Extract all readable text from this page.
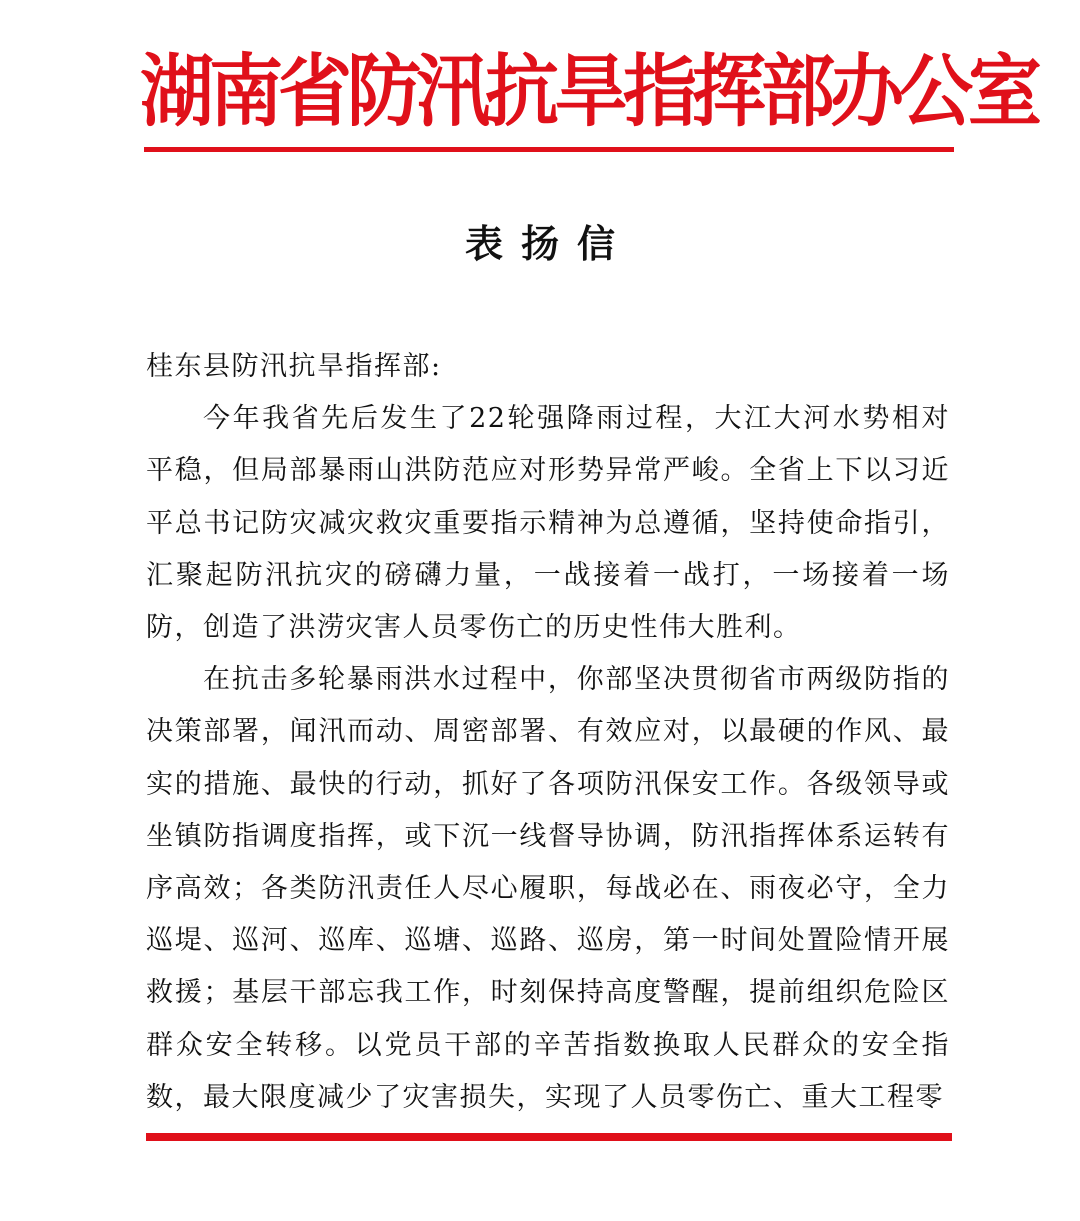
湖南省防汛抗旱指挥部办公室
表扬信

桂东县防汛抗旱指挥部:

今年我省先后发生了22轮强降雨过程，大江大河水势相对平稳，但局部暴雨山洪防范应对形势异常严峻。全省上下以习近平总书记防灾减灾救灾重要指示精神为总遵循，坚持使命指引，汇聚起防汛抗灾的磅礴力量，一战接着一战打，一场接着一场防，创造了洪涝灾害人员零伤亡的历史性伟大胜利。

在抗击多轮暴雨洪水过程中，你部坚决贯彻省市两级防指的决策部署，闻汛而动、周密部署、有效应对，以最硬的作风、最实的措施、最快的行动，抓好了各项防汛保安工作。各级领导或坐镇防指调度指挥，或下沉一线督导协调，防汛指挥体系运转有序高效；各类防汛责任人尽心履职，每战必在、雨夜必守，全力巡堤、巡河、巡库、巡塘、巡路、巡房，第一时间处置险情开展救援；基层干部忘我工作，时刻保持高度警醒，提前组织危险区群众安全转移。以党员干部的辛苦指数换取人民群众的安全指数，最大限度减少了灾害损失，实现了人员零伤亡、重大工程零
